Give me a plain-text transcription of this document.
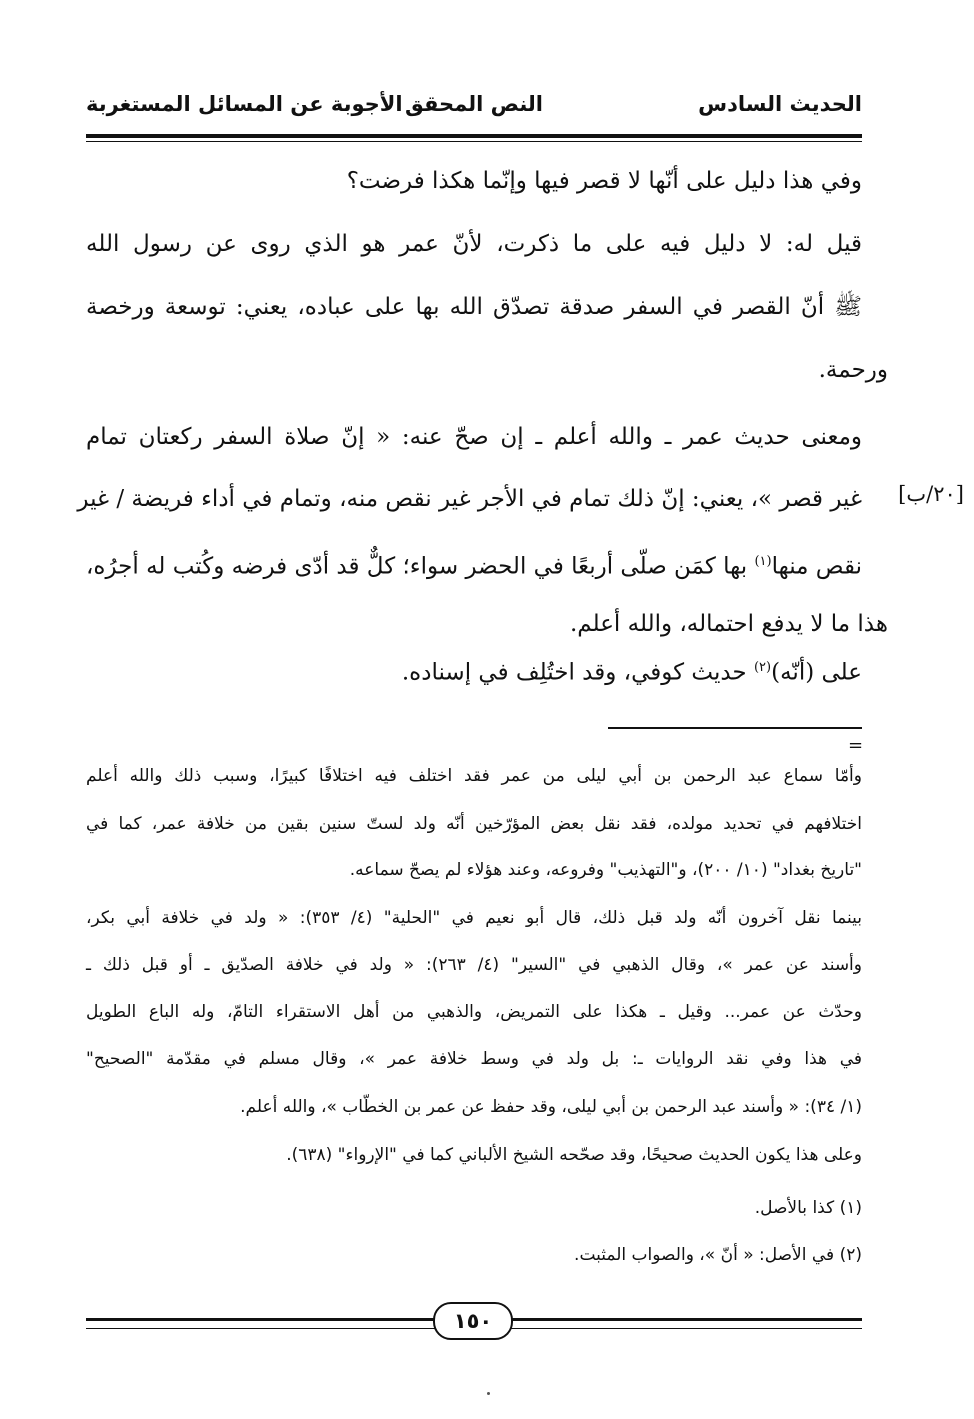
الحديث السادس
النص المحقق
الأجوبة عن المسائل المستغربة
وفي هذا دليل على أنّها لا قصر فيها وإنّما هكذا فرضت؟
قيل له: لا دليل فيه على ما ذكرت، لأنّ عمر هو الذي روى عن رسول الله
ﷺ أنّ القصر في السفر صدقة تصدّق الله بها على عباده، يعني: توسعة ورخصة
ورحمة.
ومعنى حديث عمر ـ والله أعلم ـ إن صحّ عنه: « إنّ صلاة السفر ركعتان تمام
غير قصر »، يعني: إنّ ذلك تمام في الأجر غير نقص منه، وتمام في أداء فريضة / غير
نقص منها$^{(١)}$ بها كمَن صلّى أربعًا في الحضر سواء؛ كلٌّ قد أدّى فرضه وكُتب له أجرُه،
هذا ما لا يدفع احتماله، والله أعلم.
على (أنّه)$^{(٢)}$ حديث كوفي، وقد اختُلِف في إسناده.
[٢٠/ب]
=
وأمّا سماع عبد الرحمن بن أبي ليلى من عمر فقد اختلف فيه اختلافًا كبيرًا، وسبب ذلك والله أعلم
اختلافهم في تحديد مولده، فقد نقل بعض المؤرّخين أنّه ولد لستّ سنين بقين من خلافة عمر، كما في
"تاريخ بغداد" (١٠/ ٢٠٠)، و"التهذيب" وفروعه، وعند هؤلاء لم يصحّ سماعه.
بينما نقل آخرون أنّه ولد قبل ذلك، قال أبو نعيم في "الحلية" (٤/ ٣٥٣): « ولد في خلافة أبي بكر،
وأسند عن عمر »، وقال الذهبي في "السير" (٤/ ٢٦٣): « ولد في خلافة الصدّيق ـ أو قبل ذلك ـ
وحدّث عن عمر... وقيل ـ هكذا على التمريض، والذهبي من أهل الاستقراء التامّ، وله الباع الطويل
في هذا وفي نقد الروايات ـ: بل ولد في وسط خلافة عمر »، وقال مسلم في مقدّمة "الصحيح"
(١/ ٣٤): « وأسند عبد الرحمن بن أبي ليلى، وقد حفظ عن عمر بن الخطّاب »، والله أعلم.
وعلى هذا يكون الحديث صحيحًا، وقد صحّحه الشيخ الألباني كما في "الإرواء" (٦٣٨).
(١) كذا بالأصل.
(٢) في الأصل: « أنّ »، والصواب المثبت.
١٥٠
